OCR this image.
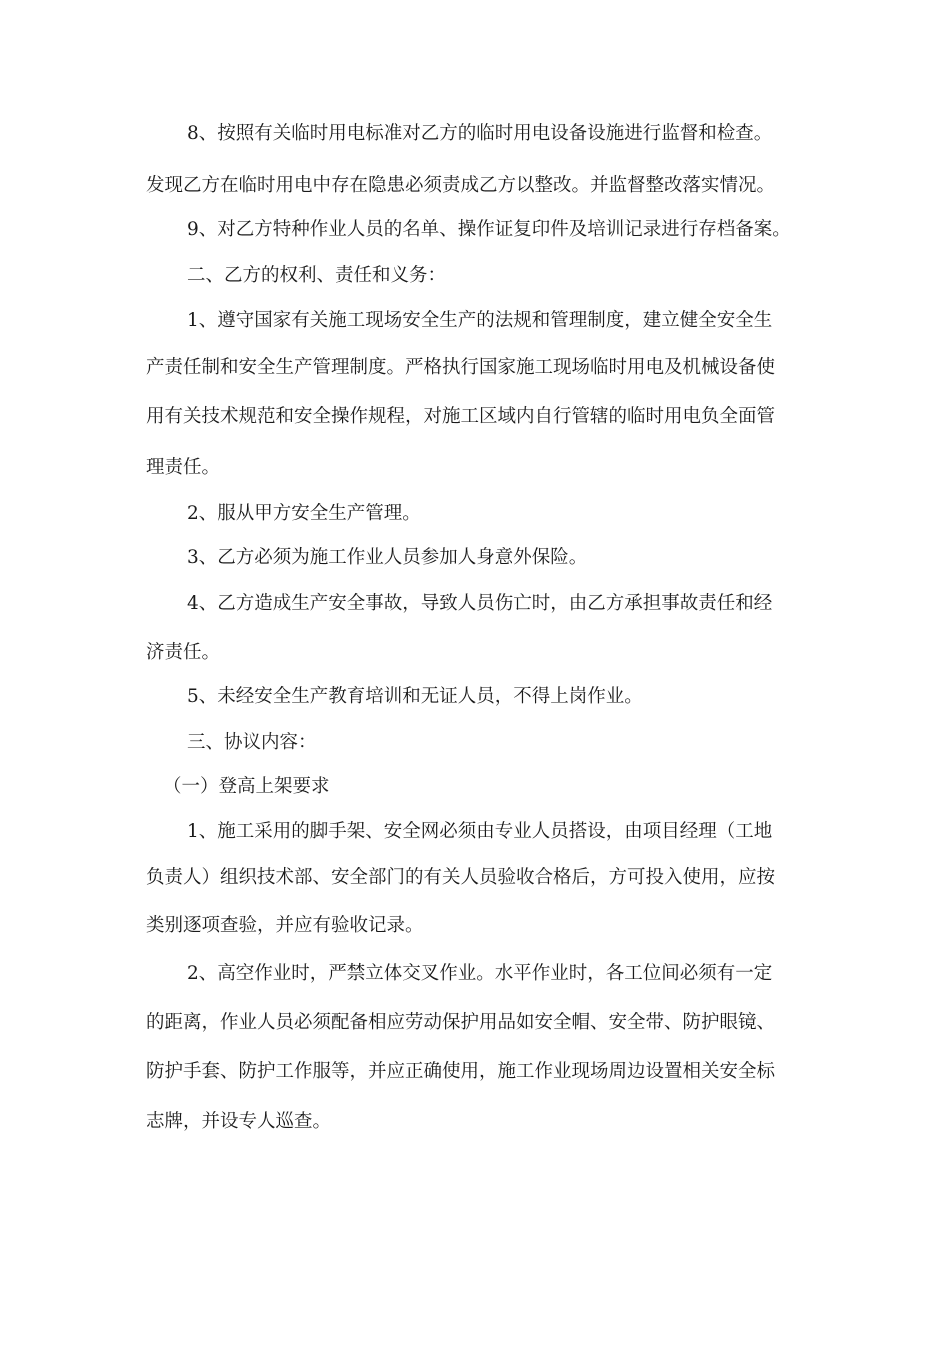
8、按照有关临时用电标准对乙方的临时用电设备设施进行监督和检查。
发现乙方在临时用电中存在隐患必须责成乙方以整改。并监督整改落实情况。
9、对乙方特种作业人员的名单、操作证复印件及培训记录进行存档备案。
二、乙方的权利、责任和义务：
1、遵守国家有关施工现场安全生产的法规和管理制度，建立健全安全生
产责任制和安全生产管理制度。严格执行国家施工现场临时用电及机械设备使
用有关技术规范和安全操作规程，对施工区域内自行管辖的临时用电负全面管
理责任。
2、服从甲方安全生产管理。
3、乙方必须为施工作业人员参加人身意外保险。
4、乙方造成生产安全事故，导致人员伤亡时，由乙方承担事故责任和经
济责任。
5、未经安全生产教育培训和无证人员，不得上岗作业。
三、协议内容：
（一）登高上架要求
1、施工采用的脚手架、安全网必须由专业人员搭设，由项目经理（工地
负责人）组织技术部、安全部门的有关人员验收合格后，方可投入使用，应按
类别逐项查验，并应有验收记录。
2、高空作业时，严禁立体交叉作业。水平作业时，各工位间必须有一定
的距离，作业人员必须配备相应劳动保护用品如安全帽、安全带、防护眼镜、
防护手套、防护工作服等，并应正确使用，施工作业现场周边设置相关安全标
志牌，并设专人巡查。
